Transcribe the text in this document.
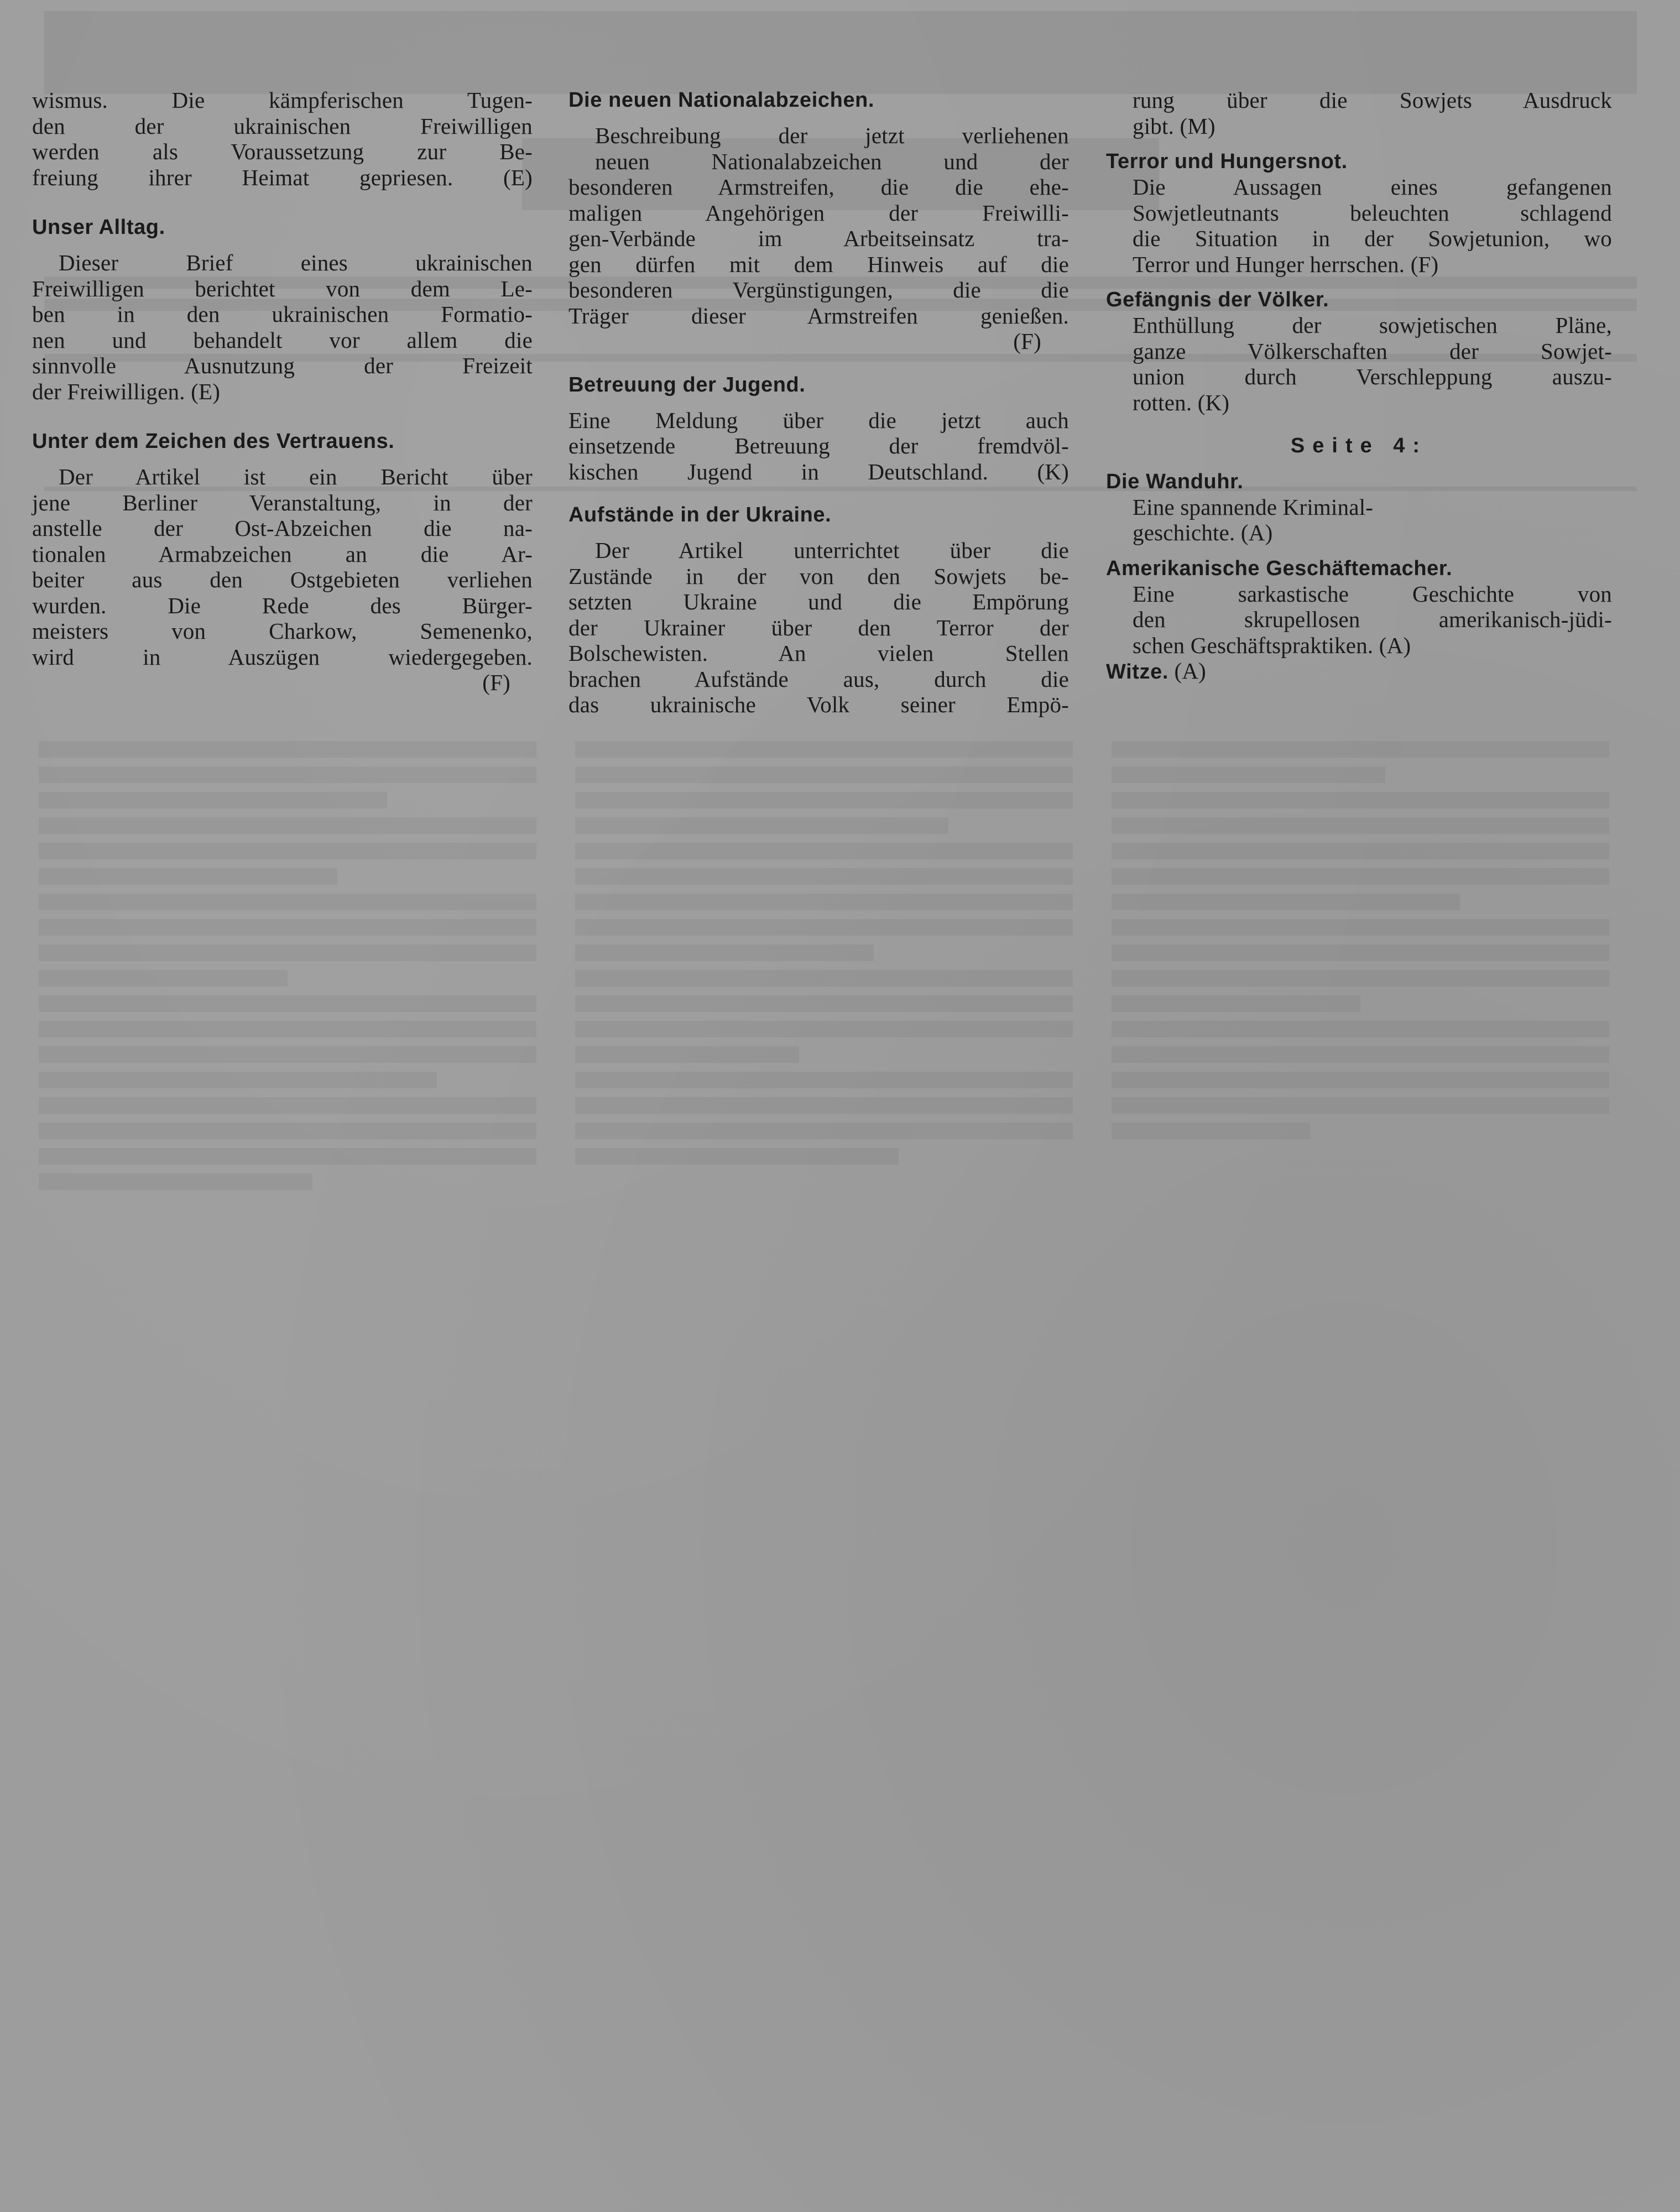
wismus. Die kämpferischen Tugen-

den der ukrainischen Freiwilligen

werden als Voraussetzung zur Be-

freiung ihrer Heimat gepriesen. (E)

Unser Alltag.

Dieser Brief eines ukrainischen

Freiwilligen berichtet von dem Le-

ben in den ukrainischen Formatio-

nen und behandelt vor allem die

sinnvolle Ausnutzung der Freizeit

der Freiwilligen. (E)

Unter dem Zeichen des Vertrauens.

Der Artikel ist ein Bericht über

jene Berliner Veranstaltung, in der

anstelle der Ost-Abzeichen die na-

tionalen Armabzeichen an die Ar-

beiter aus den Ostgebieten verliehen

wurden. Die Rede des Bürger-

meisters von Charkow, Semenenko,

wird in Auszügen wiedergegeben.

(F)

Die neuen Nationalabzeichen.

Beschreibung der jetzt verliehenen

neuen Nationalabzeichen und der

besonderen Armstreifen, die die ehe-

maligen Angehörigen der Freiwilli-

gen-Verbände im Arbeitseinsatz tra-

gen dürfen mit dem Hinweis auf die

besonderen Vergünstigungen, die die

Träger dieser Armstreifen genießen.

(F)

Betreuung der Jugend.

Eine Meldung über die jetzt auch

einsetzende Betreuung der fremdvöl-

kischen Jugend in Deutschland. (K)

Aufstände in der Ukraine.

Der Artikel unterrichtet über die

Zustände in der von den Sowjets be-

setzten Ukraine und die Empörung

der Ukrainer über den Terror der

Bolschewisten. An vielen Stellen

brachen Aufstände aus, durch die

das ukrainische Volk seiner Empö-

rung über die Sowjets Ausdruck

gibt. (M)

Terror und Hungersnot.

Die Aussagen eines gefangenen

Sowjetleutnants beleuchten schlagend

die Situation in der Sowjetunion, wo

Terror und Hunger herrschen. (F)

Gefängnis der Völker.

Enthüllung der sowjetischen Pläne,

ganze Völkerschaften der Sowjet-

union durch Verschleppung auszu-

rotten. (K)

Seite 4:

Die Wanduhr.

Eine spannende Kriminal-

geschichte. (A)

Amerikanische Geschäftemacher.

Eine sarkastische Geschichte von

den skrupellosen amerikanisch-jüdi-

schen Geschäftspraktiken. (A)

Witze. (A)
